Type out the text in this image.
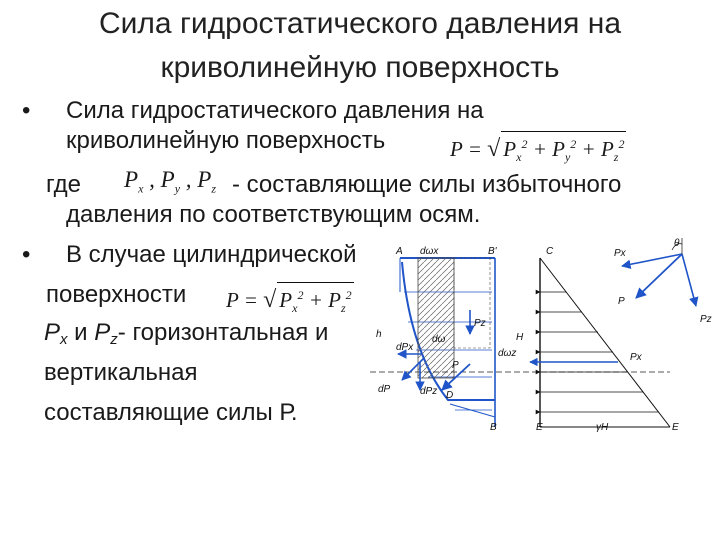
Сила гидростатического давления на
криволинейную поверхность
• Сила гидростатического давления на
криволинейную поверхность	P = √ $P_x^2 + P_y^2 + P_z^2$
где $P_x$ , $P_y$ , $P_z$ - составляющие силы избыточного
давления по соответствующим осям.
• В случае цилиндрической
поверхности P = √ $P_x^2 + P_z^2$
$P_x$ и $P_z-$ горизонтальная и
вертикальная
составляющие силы Р.
A	B'	C
dωx
h
Pz
dω
dPx
dωz
dP	dPz
P
D
H
B	E	γH	E
Px
P
Pz
θ
Px
